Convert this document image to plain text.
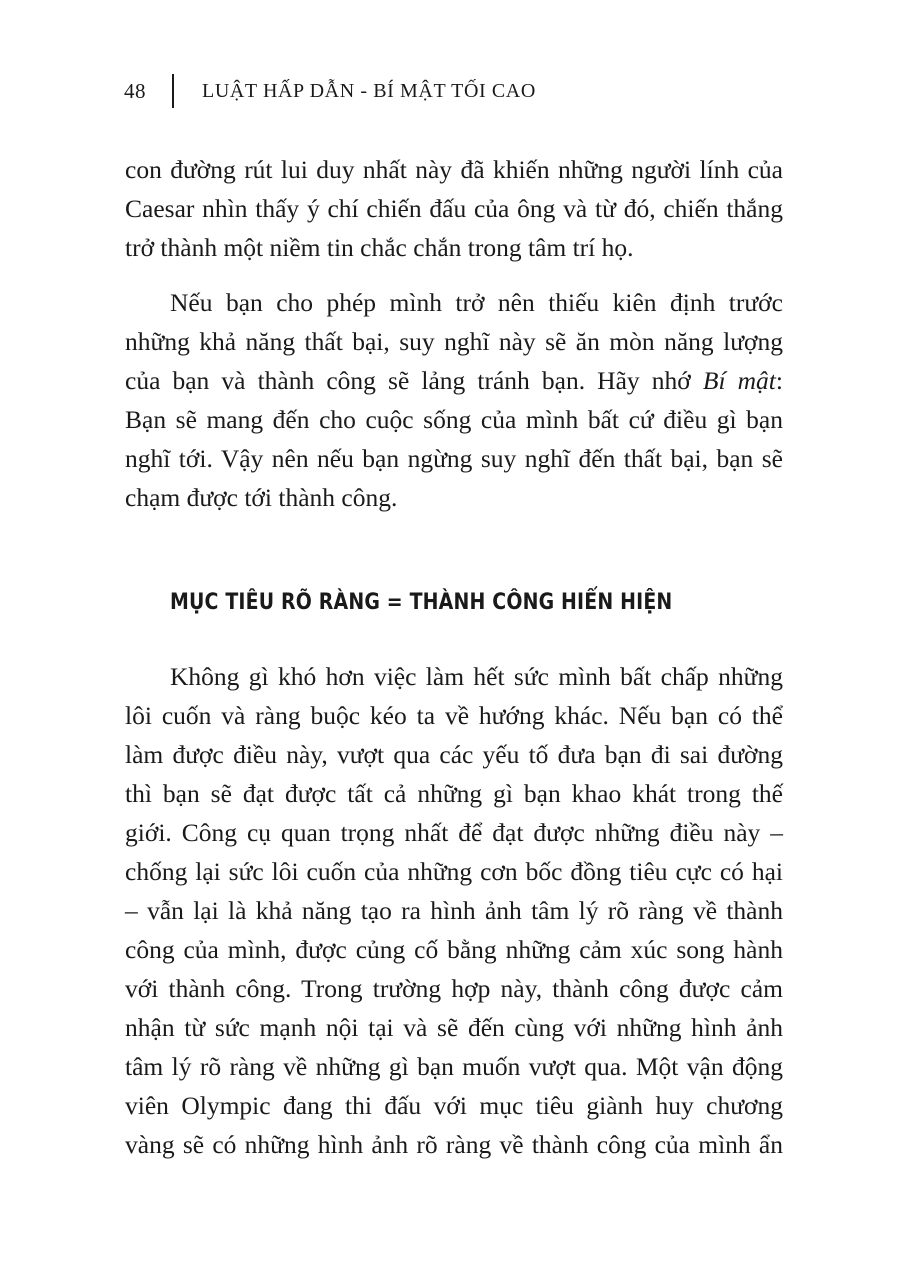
48	LUẬT HẤP DẪN - BÍ MẬT TỐI CAO
con đường rút lui duy nhất này đã khiến những người lính của
Caesar nhìn thấy ý chí chiến đấu của ông và từ đó, chiến thắng
trở thành một niềm tin chắc chắn trong tâm trí họ.
Nếu bạn cho phép mình trở nên thiếu kiên định trước
những khả năng thất bại, suy nghĩ này sẽ ăn mòn năng lượng
của bạn và thành công sẽ lảng tránh bạn. Hãy nhớ Bí mật:
Bạn sẽ mang đến cho cuộc sống của mình bất cứ điều gì bạn
nghĩ tới. Vậy nên nếu bạn ngừng suy nghĩ đến thất bại, bạn sẽ
chạm được tới thành công.
MỤC TIÊU RÕ RÀNG = THÀNH CÔNG HIỂN HIỆN
Không gì khó hơn việc làm hết sức mình bất chấp những
lôi cuốn và ràng buộc kéo ta về hướng khác. Nếu bạn có thể
làm được điều này, vượt qua các yếu tố đưa bạn đi sai đường
thì bạn sẽ đạt được tất cả những gì bạn khao khát trong thế
giới. Công cụ quan trọng nhất để đạt được những điều này –
chống lại sức lôi cuốn của những cơn bốc đồng tiêu cực có hại
– vẫn lại là khả năng tạo ra hình ảnh tâm lý rõ ràng về thành
công của mình, được củng cố bằng những cảm xúc song hành
với thành công. Trong trường hợp này, thành công được cảm
nhận từ sức mạnh nội tại và sẽ đến cùng với những hình ảnh
tâm lý rõ ràng về những gì bạn muốn vượt qua. Một vận động
viên Olympic đang thi đấu với mục tiêu giành huy chương
vàng sẽ có những hình ảnh rõ ràng về thành công của mình ẩn
